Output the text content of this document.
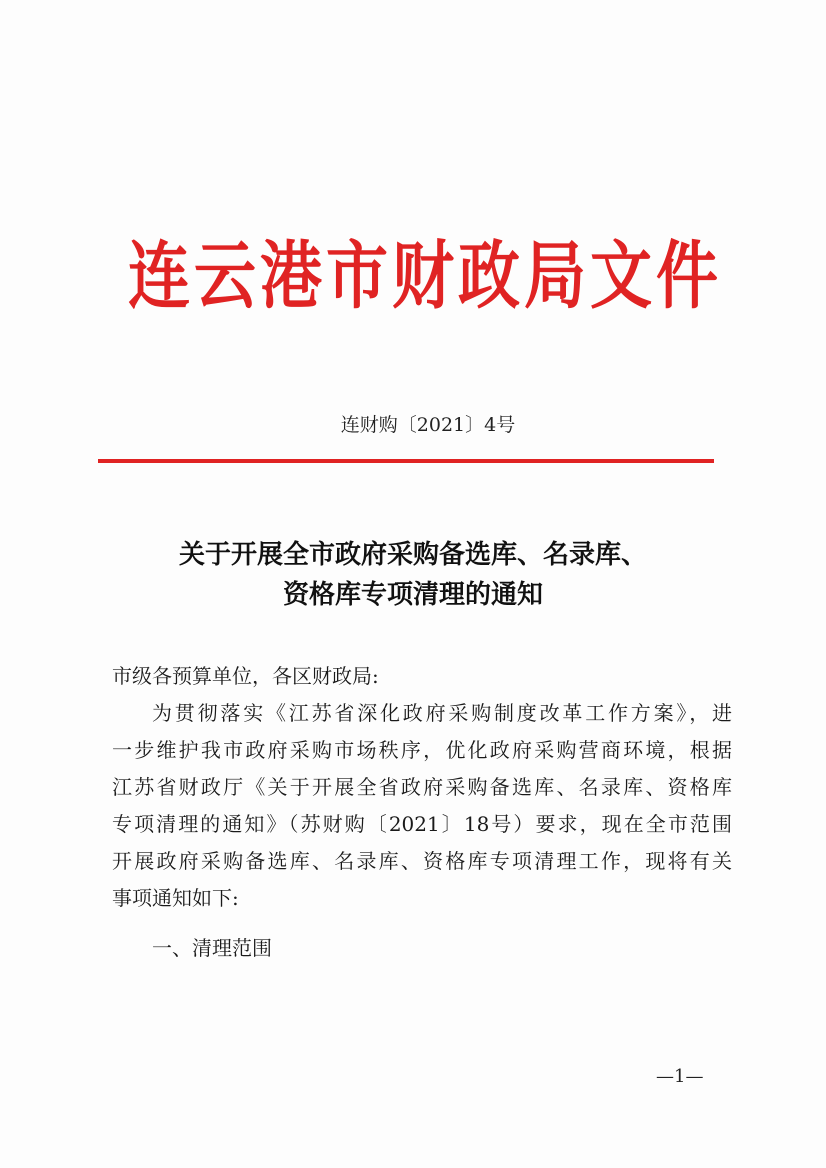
连云港市财政局文件
连财购〔2021〕4号
关于开展全市政府采购备选库、名录库、
资格库专项清理的通知
市级各预算单位，各区财政局:
为贯彻落实《江苏省深化政府采购制度改革工作方案》，进
一步维护我市政府采购市场秩序，优化政府采购营商环境，根据
江苏省财政厅《关于开展全省政府采购备选库、名录库、资格库
专项清理的通知》（苏财购〔2021〕18号）要求，现在全市范围
开展政府采购备选库、名录库、资格库专项清理工作，现将有关
事项通知如下:
一、清理范围
—1—
